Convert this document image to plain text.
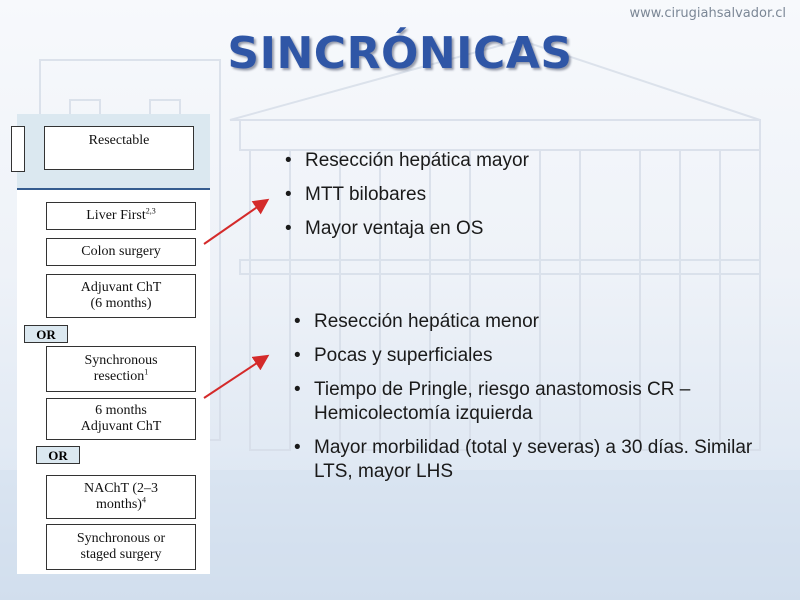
www.cirugiahsalvador.cl
SINCRÓNICAS
Resectable
Liver First$^{2,3}$
Colon surgery
Adjuvant ChT
(6 months)
OR
Synchronous
resection$^1$
6 months
Adjuvant ChT
OR
NAChT (2–3
months)$^4$
Synchronous or
staged surgery
• Resección hepática mayor
• MTT bilobares
• Mayor ventaja en OS
• Resección hepática menor
• Pocas y superficiales
• Tiempo de Pringle, riesgo anastomosis CR – Hemicolectomía izquierda
• Mayor morbilidad (total y severas) a 30 días. Similar LTS, mayor LHS
